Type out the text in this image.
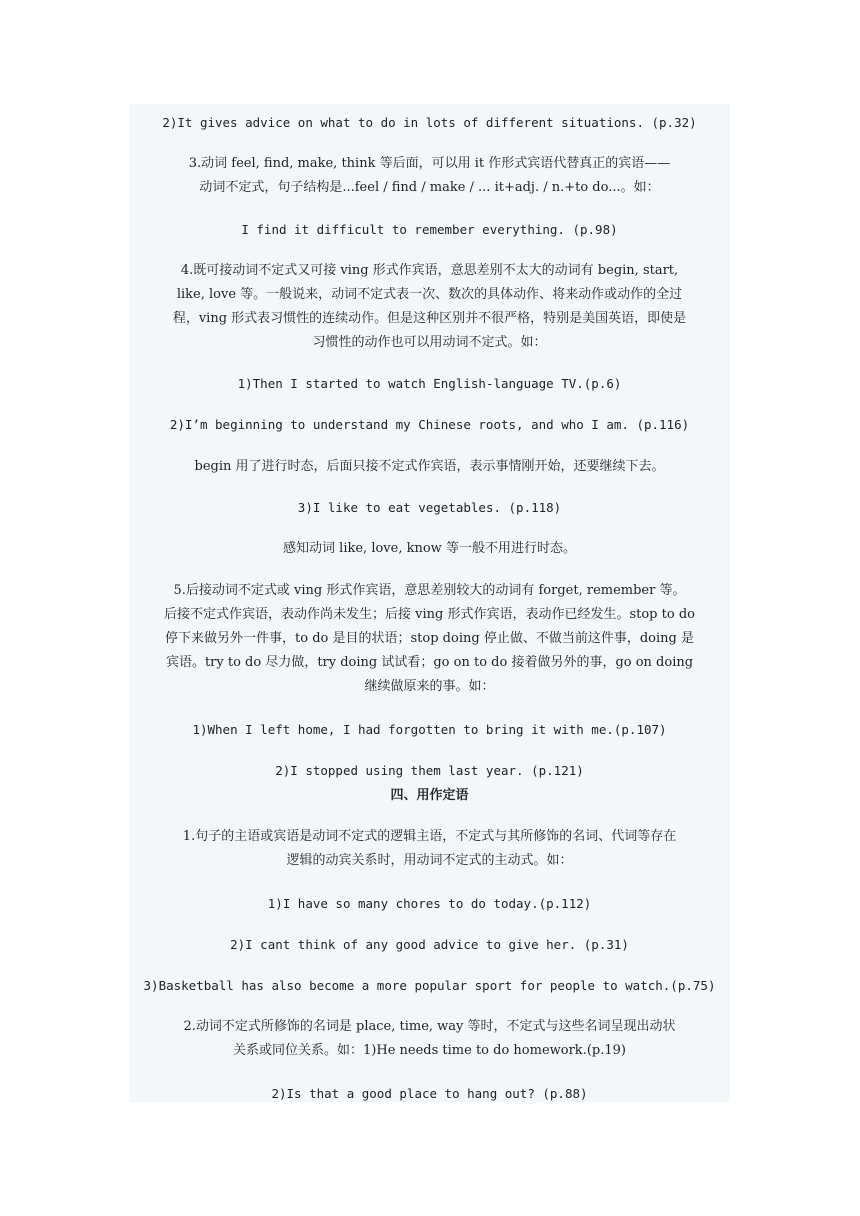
2)It gives advice on what to do in lots of different situations. (p.32)
3.动词 feel, find, make, think 等后面，可以用 it 作形式宾语代替真正的宾语——
动词不定式，句子结构是...feel / find / make / ... it+adj. / n.+to do...。如：
I find it difficult to remember everything. (p.98)
4.既可接动词不定式又可接 ving 形式作宾语，意思差别不太大的动词有 begin, start,
like, love 等。一般说来，动词不定式表一次、数次的具体动作、将来动作或动作的全过
程，ving 形式表习惯性的连续动作。但是这种区别并不很严格，特别是美国英语，即使是
习惯性的动作也可以用动词不定式。如：
1)Then I started to watch English-language TV.(p.6)
2)I’m beginning to understand my Chinese roots, and who I am. (p.116)
begin 用了进行时态，后面只接不定式作宾语，表示事情刚开始，还要继续下去。
3)I like to eat vegetables. (p.118)
感知动词 like, love, know 等一般不用进行时态。
5.后接动词不定式或 ving 形式作宾语，意思差别较大的动词有 forget, remember 等。
后接不定式作宾语，表动作尚未发生；后接 ving 形式作宾语，表动作已经发生。stop to do
停下来做另外一件事，to do 是目的状语；stop doing 停止做、不做当前这件事，doing 是
宾语。try to do 尽力做，try doing 试试看；go on to do 接着做另外的事，go on doing
继续做原来的事。如：
1)When I left home, I had forgotten to bring it with me.(p.107)
2)I stopped using them last year. (p.121)
四、用作定语
1.句子的主语或宾语是动词不定式的逻辑主语，不定式与其所修饰的名词、代词等存在
逻辑的动宾关系时，用动词不定式的主动式。如：
1)I have so many chores to do today.(p.112)
2)I cant think of any good advice to give her. (p.31)
3)Basketball has also become a more popular sport for people to watch.(p.75)
2.动词不定式所修饰的名词是 place, time, way 等时，不定式与这些名词呈现出动状
关系或同位关系。如：1)He needs time to do homework.(p.19)
2)Is that a good place to hang out? (p.88)
